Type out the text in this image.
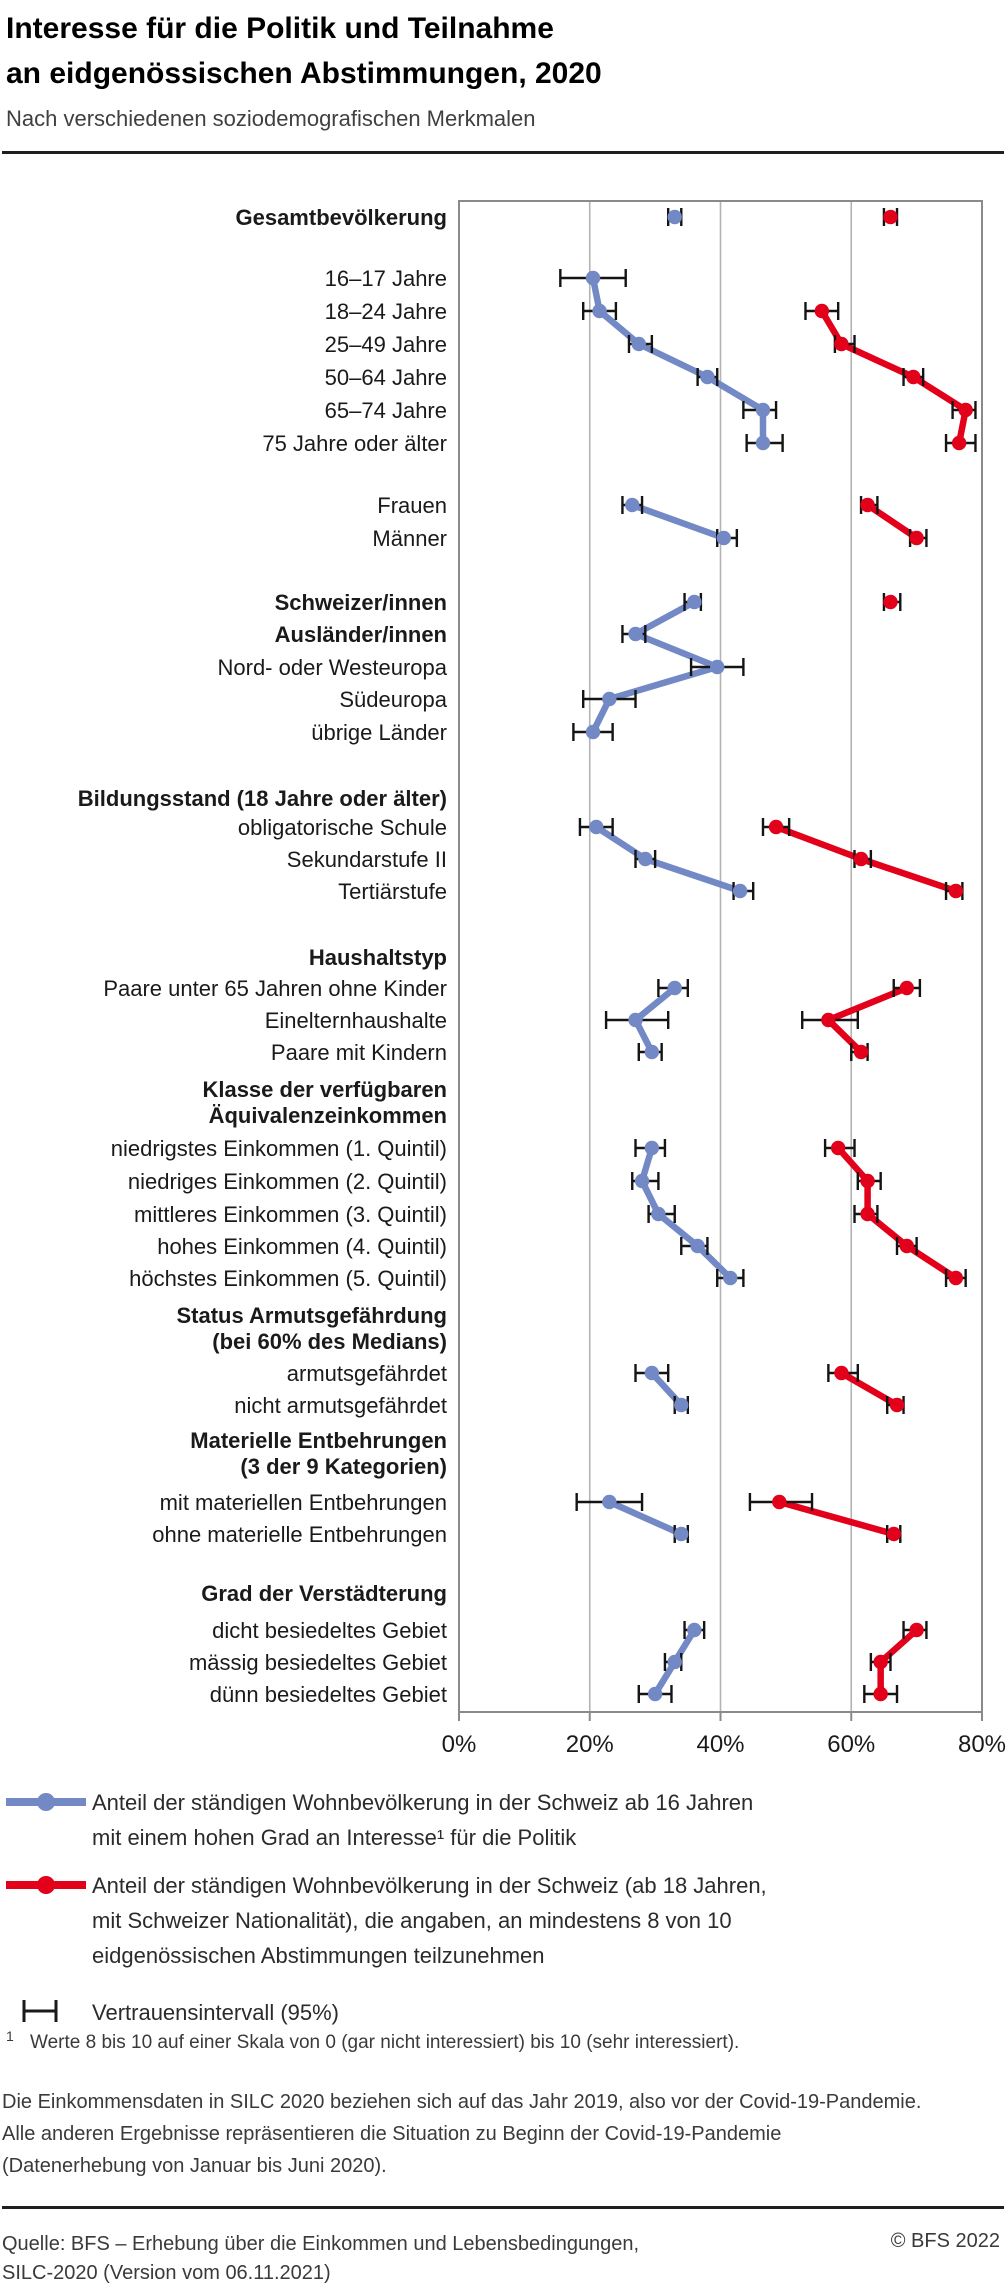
Interesse für die Politik und Teilnahme
an eidgenössischen Abstimmungen, 2020
Nach verschiedenen soziodemografischen Merkmalen
0%	20%	40%	60%	80%
Gesamtbevölkerung
16–17 Jahre
18–24 Jahre
25–49 Jahre
50–64 Jahre
65–74 Jahre
75 Jahre oder älter
Frauen
Männer
Schweizer/innen
Ausländer/innen
Nord- oder Westeuropa
Südeuropa
übrige Länder
Bildungsstand (18 Jahre oder älter)
obligatorische Schule
Sekundarstufe II
Tertiärstufe
Haushaltstyp
Paare unter 65 Jahren ohne Kinder
Einelternhaushalte
Paare mit Kindern
Klasse der verfügbaren Äquivalenzeinkommen
niedrigstes Einkommen (1. Quintil)
niedriges Einkommen (2. Quintil)
mittleres Einkommen (3. Quintil)
hohes Einkommen (4. Quintil)
höchstes Einkommen (5. Quintil)
Status Armutsgefährdung (bei 60% des Medians)
armutsgefährdet
nicht armutsgefährdet
Materielle Entbehrungen (3 der 9 Kategorien)
mit materiellen Entbehrungen
ohne materielle Entbehrungen
Grad der Verstädterung
dicht besiedeltes Gebiet
mässig besiedeltes Gebiet
dünn besiedeltes Gebiet
Anteil der ständigen Wohnbevölkerung in der Schweiz ab 16 Jahren
mit einem hohen Grad an Interesse¹ für die Politik
Anteil der ständigen Wohnbevölkerung in der Schweiz (ab 18 Jahren,
mit Schweizer Nationalität), die angaben, an mindestens 8 von 10
eidgenössischen Abstimmungen teilzunehmen
Vertrauensintervall (95%)
1 Werte 8 bis 10 auf einer Skala von 0 (gar nicht interessiert) bis 10 (sehr interessiert).
Die Einkommensdaten in SILC 2020 beziehen sich auf das Jahr 2019, also vor der Covid-19-Pandemie.
Alle anderen Ergebnisse repräsentieren die Situation zu Beginn der Covid-19-Pandemie
(Datenerhebung von Januar bis Juni 2020).
Quelle: BFS – Erhebung über die Einkommen und Lebensbedingungen,
SILC-2020 (Version vom 06.11.2021)
© BFS 2022
